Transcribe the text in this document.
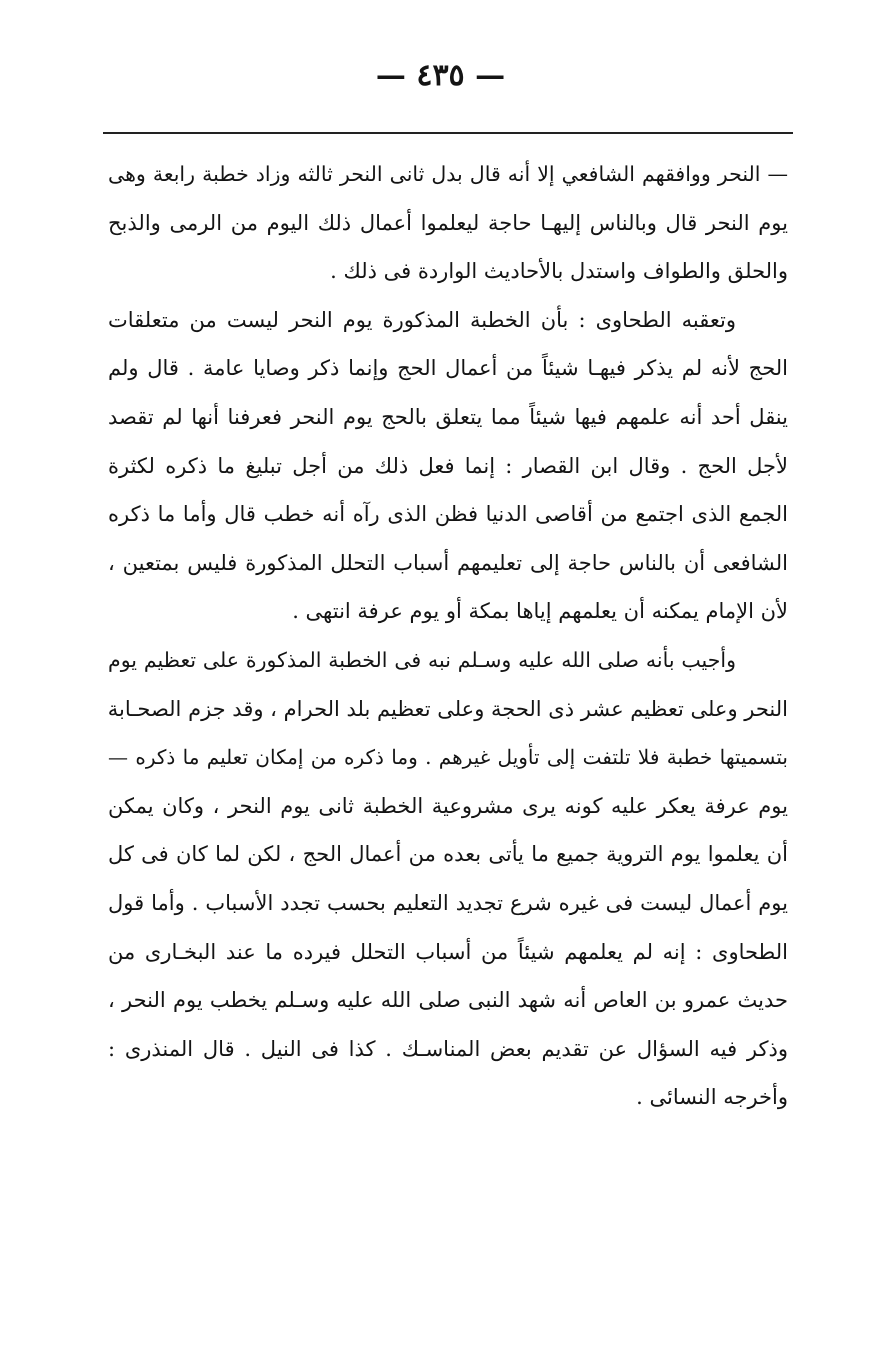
— ٤٣٥ —
— النحر ووافقهم الشافعي إلا أنه قال بدل ثانى النحر ثالثه وزاد خطبة رابعة وهى
يوم النحر قال وبالناس إليهـا حاجة ليعلموا أعمال ذلك اليوم من الرمى والذبح
والحلق والطواف واستدل بالأحاديث الواردة فى ذلك .
وتعقبه الطحاوى : بأن الخطبة المذكورة يوم النحر ليست من متعلقات
الحج لأنه لم يذكر فيهـا شيئاً من أعمال الحج وإنما ذكر وصايا عامة . قال ولم
ينقل أحد أنه علمهم فيها شيئاً مما يتعلق بالحج يوم النحر فعرفنا أنها لم تقصد
لأجل الحج . وقال ابن القصار : إنما فعل ذلك من أجل تبليغ ما ذكره لكثرة
الجمع الذى اجتمع من أقاصى الدنيا فظن الذى رآه أنه خطب قال وأما ما ذكره
الشافعى أن بالناس حاجة إلى تعليمهم أسباب التحلل المذكورة فليس بمتعين ،
لأن الإمام يمكنه أن يعلمهم إياها بمكة أو يوم عرفة انتهى .
وأجيب بأنه صلى الله عليه وسـلم نبه فى الخطبة المذكورة على تعظيم يوم
النحر وعلى تعظيم عشر ذى الحجة وعلى تعظيم بلد الحرام ، وقد جزم الصحـابة
بتسميتها خطبة فلا تلتفت إلى تأويل غيرهم . وما ذكره من إمكان تعليم ما ذكره —
يوم عرفة يعكر عليه كونه يرى مشروعية الخطبة ثانى يوم النحر ، وكان يمكن
أن يعلموا يوم التروية جميع ما يأتى بعده من أعمال الحج ، لكن لما كان فى كل
يوم أعمال ليست فى غيره شرع تجديد التعليم بحسب تجدد الأسباب . وأما قول
الطحاوى : إنه لم يعلمهم شيئاً من أسباب التحلل فيرده ما عند البخـارى من
حديث عمرو بن العاص أنه شهد النبى صلى الله عليه وسـلم يخطب يوم النحر ،
وذكر فيه السؤال عن تقديم بعض المناسـك . كذا فى النيل . قال المنذرى :
وأخرجه النسائى .
